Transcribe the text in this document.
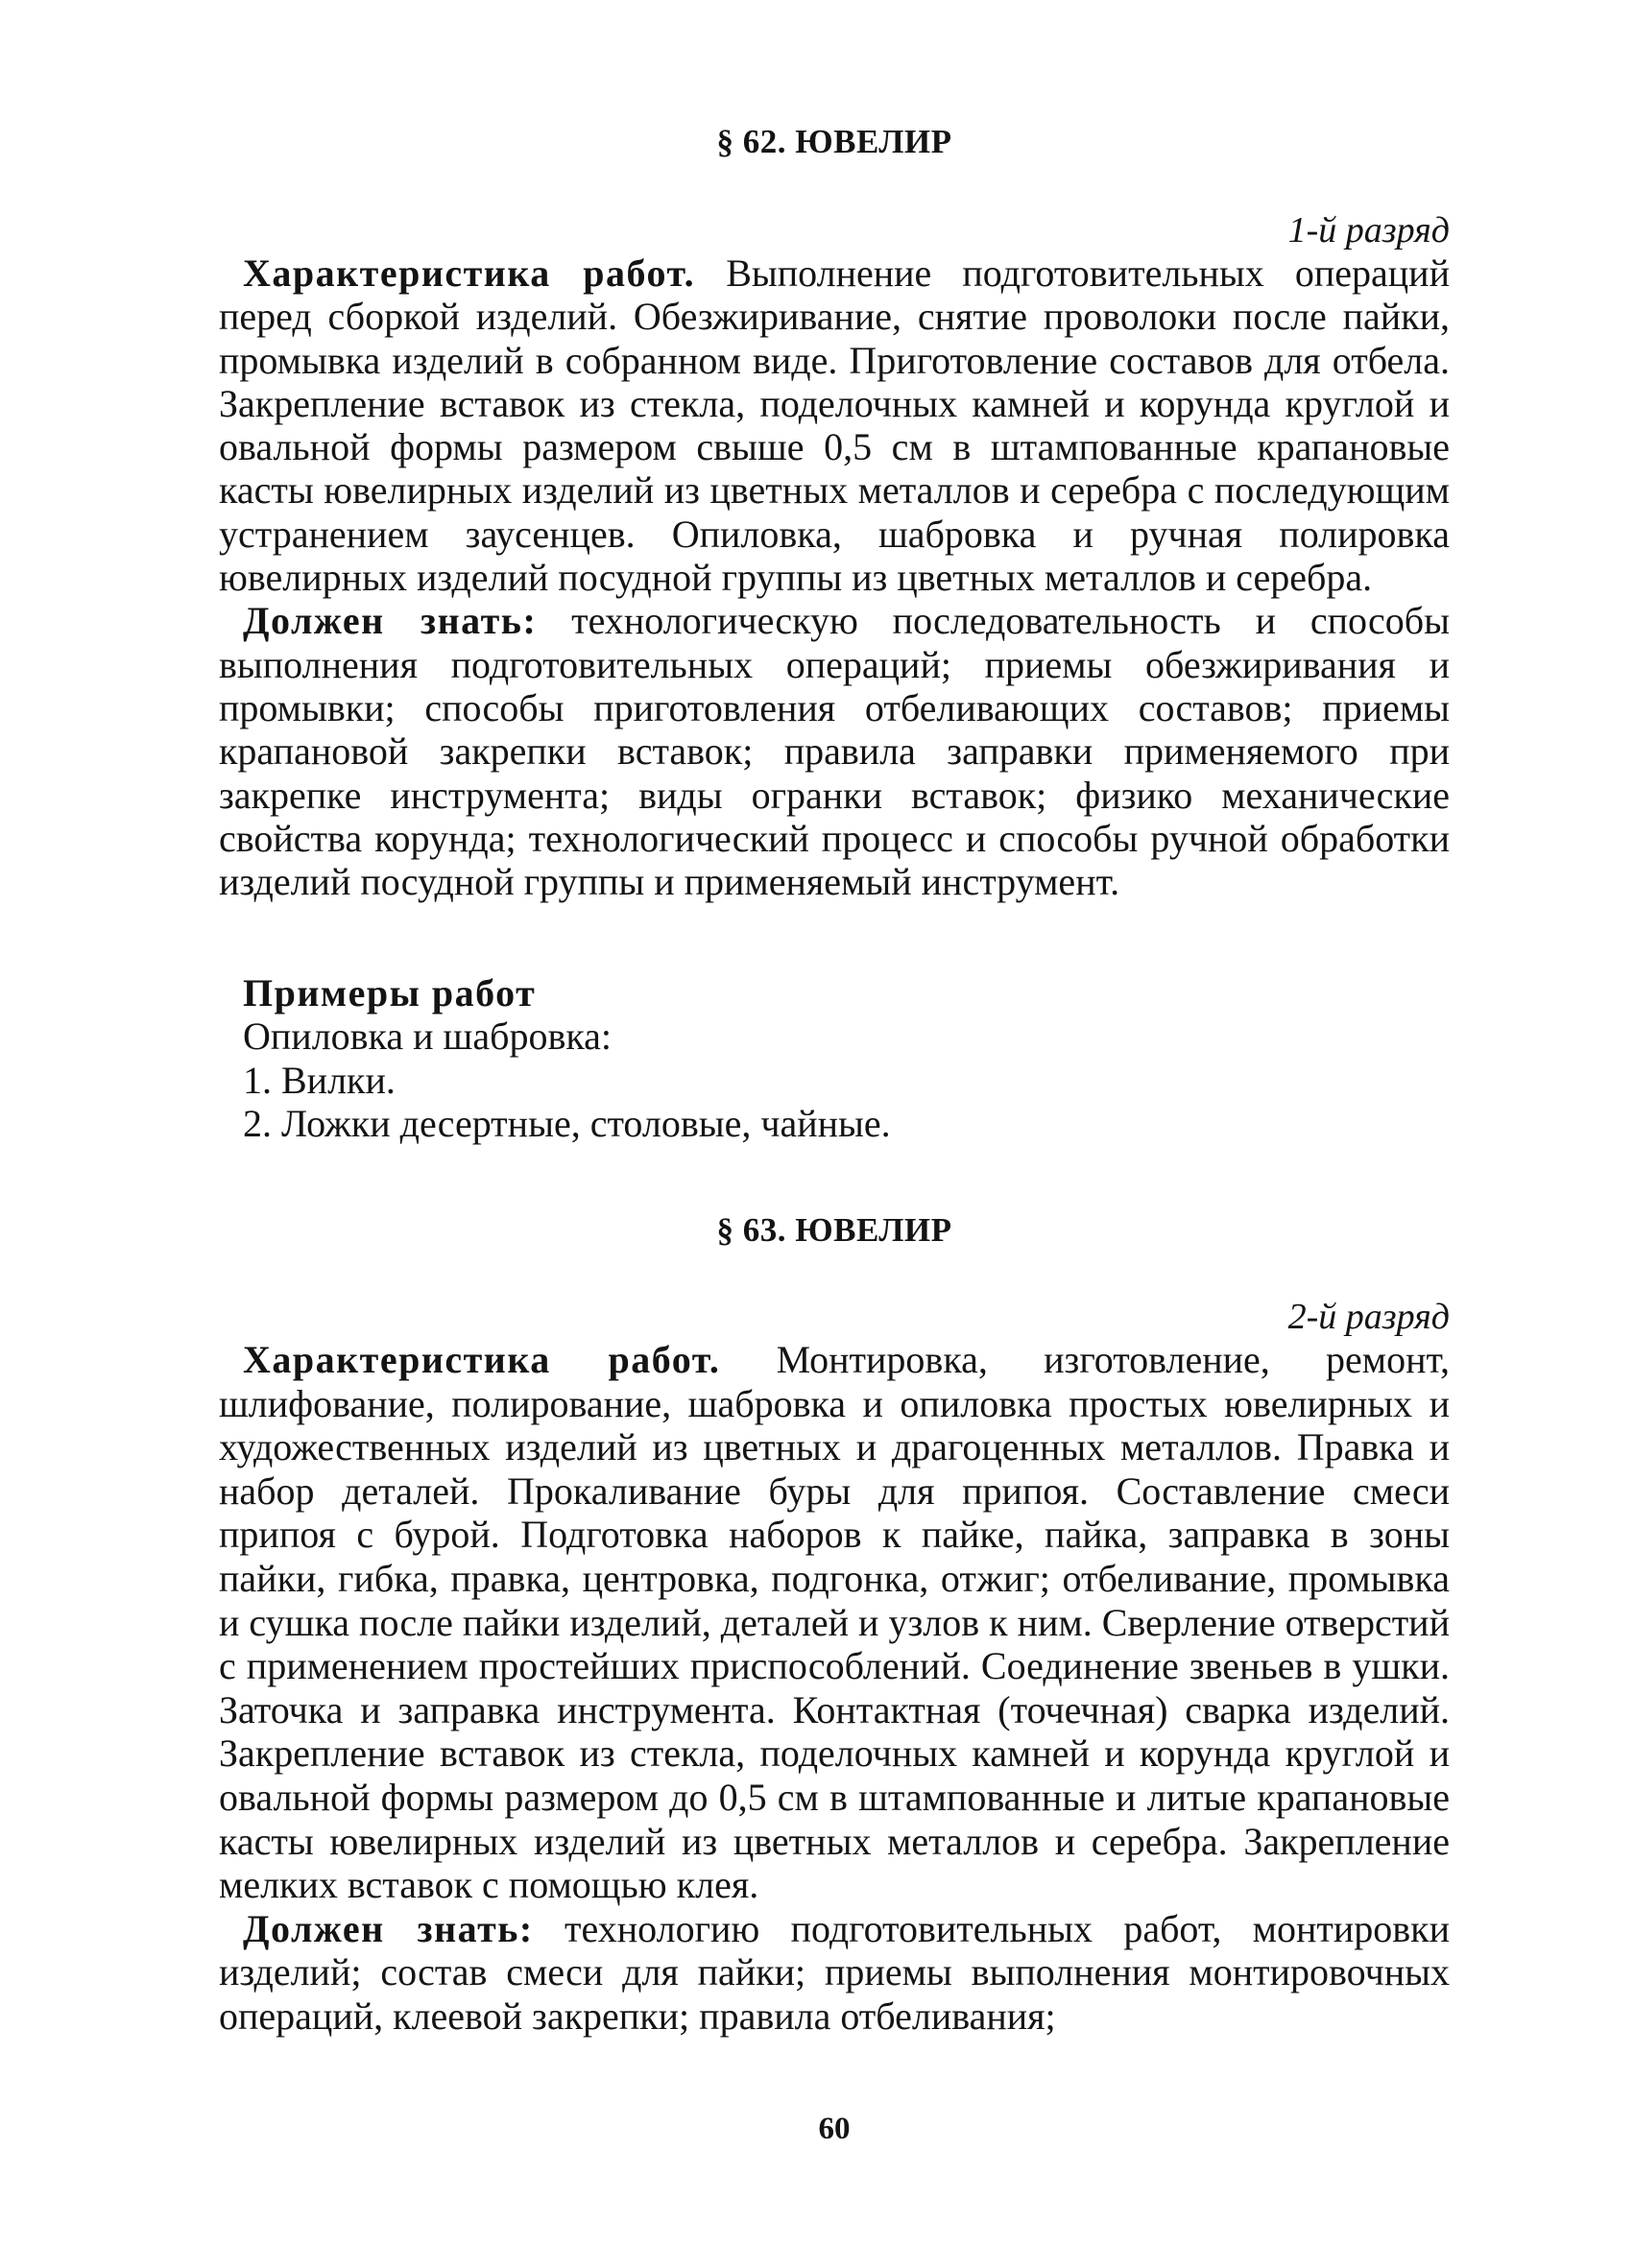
§ 62. ЮВЕЛИР
1-й разряд
Характеристика работ. Выполнение подготовительных операций перед сборкой изделий. Обезжиривание, снятие проволоки после пайки, промывка изделий в собранном виде. Приготовление составов для отбела. Закрепление вставок из стекла, поделочных камней и корунда круглой и овальной формы размером свыше 0,5 см в штампованные крапановые касты ювелирных изделий из цветных металлов и серебра с последующим устранением заусенцев. Опиловка, шабровка и ручная полировка ювелирных изделий посудной группы из цветных металлов и серебра.
Должен знать: технологическую последовательность и способы выполнения подготовительных операций; приемы обезжиривания и промывки; способы приготовления отбеливающих составов; приемы крапановой закрепки вставок; правила заправки применяемого при закрепке инструмента; виды огранки вставок; физико механические свойства корунда; технологический процесс и способы ручной обработки изделий посудной группы и применяемый инструмент.
Примеры работ
Опиловка и шабровка:
1. Вилки.
2. Ложки десертные, столовые, чайные.
§ 63. ЮВЕЛИР
2-й разряд
Характеристика работ. Монтировка, изготовление, ремонт, шлифование, полирование, шабровка и опиловка простых ювелирных и художественных изделий из цветных и драгоценных металлов. Правка и набор деталей. Прокаливание буры для припоя. Составление смеси припоя с бурой. Подготовка наборов к пайке, пайка, заправка в зоны пайки, гибка, правка, центровка, подгонка, отжиг; отбеливание, промывка и сушка после пайки изделий, деталей и узлов к ним. Сверление отверстий с применением простейших приспособлений. Соединение звеньев в ушки. Заточка и заправка инструмента. Контактная (точечная) сварка изделий. Закрепление вставок из стекла, поделочных камней и корунда круглой и овальной формы размером до 0,5 см в штампованные и литые крапановые касты ювелирных изделий из цветных металлов и серебра. Закрепление мелких вставок с помощью клея.
Должен знать: технологию подготовительных работ, монтировки изделий; состав смеси для пайки; приемы выполнения монтировочных операций, клеевой закрепки; правила отбеливания;
60
